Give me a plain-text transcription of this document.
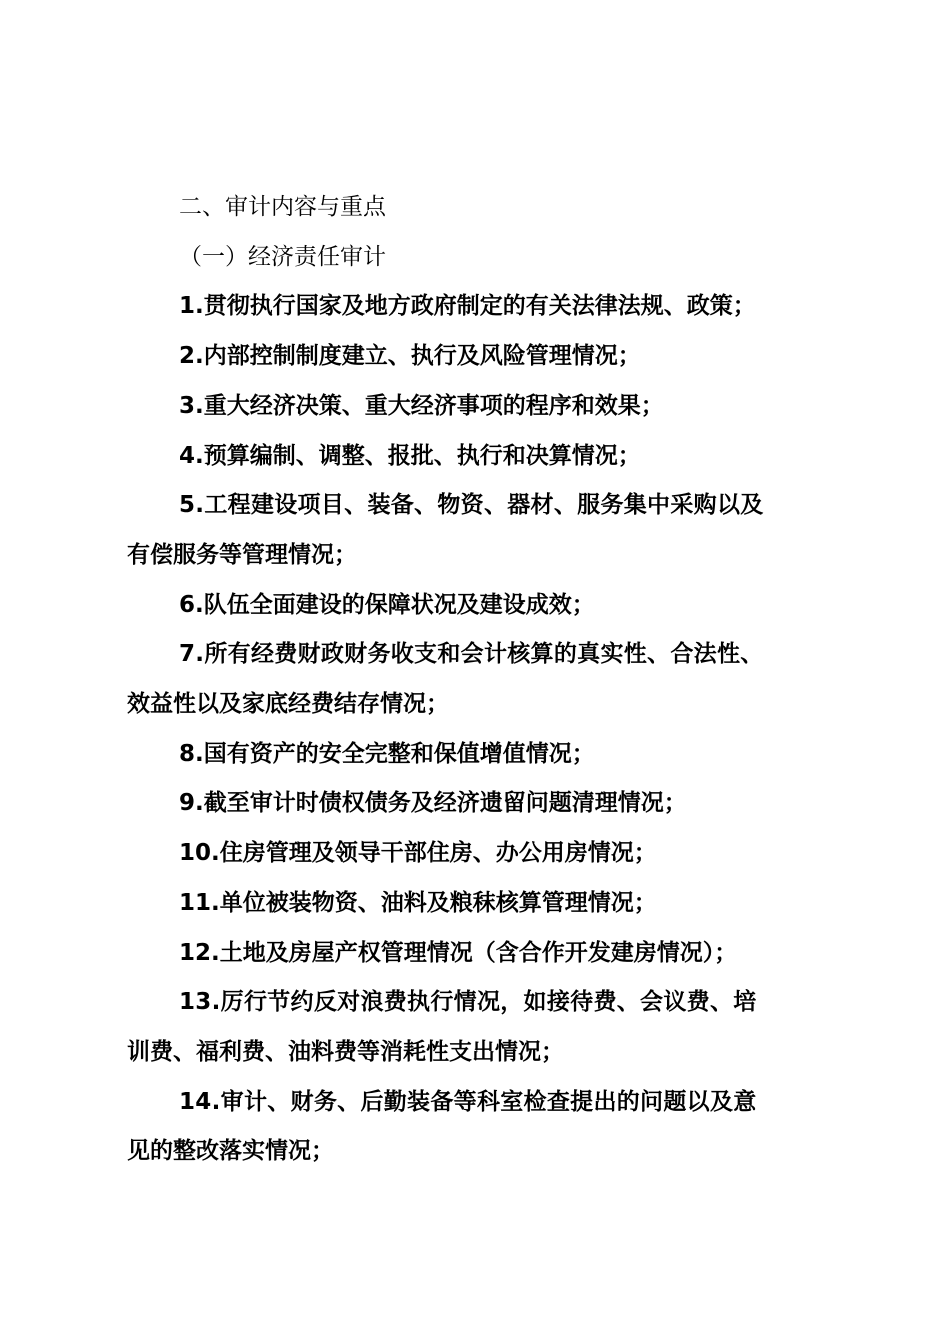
二、审计内容与重点

（一）经济责任审计

1.贯彻执行国家及地方政府制定的有关法律法规、政策；

2.内部控制制度建立、执行及风险管理情况；

3.重大经济决策、重大经济事项的程序和效果；

4.预算编制、调整、报批、执行和决算情况；

5.工程建设项目、装备、物资、器材、服务集中采购以及

有偿服务等管理情况；

6.队伍全面建设的保障状况及建设成效；

7.所有经费财政财务收支和会计核算的真实性、合法性、

效益性以及家底经费结存情况；

8.国有资产的安全完整和保值增值情况；

9.截至审计时债权债务及经济遗留问题清理情况；

10.住房管理及领导干部住房、办公用房情况；

11.单位被装物资、油料及粮秣核算管理情况；

12.土地及房屋产权管理情况（含合作开发建房情况）；

13.厉行节约反对浪费执行情况，如接待费、会议费、培

训费、福利费、油料费等消耗性支出情况；

14.审计、财务、后勤装备等科室检查提出的问题以及意

见的整改落实情况；
